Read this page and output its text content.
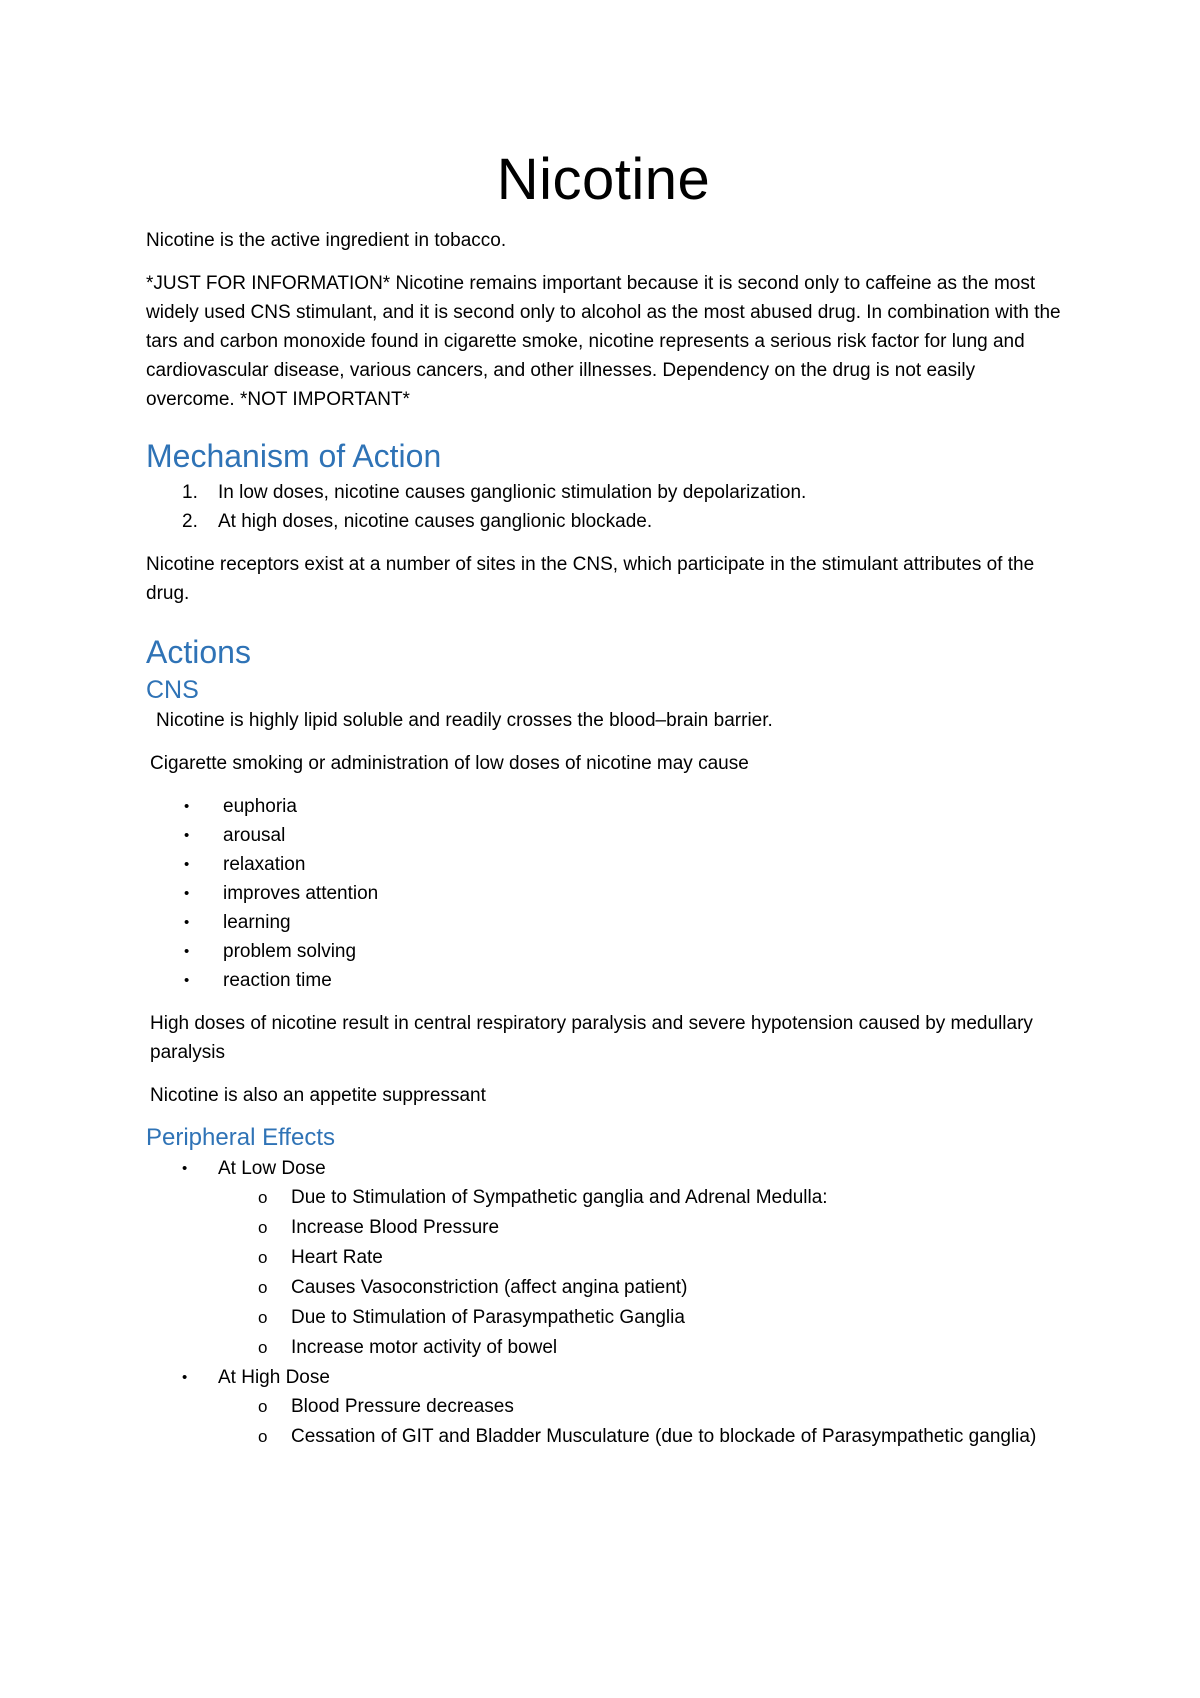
Nicotine

Nicotine is the active ingredient in tobacco.

*JUST FOR INFORMATION* Nicotine remains important because it is second only to caffeine as the most widely used CNS stimulant, and it is second only to alcohol as the most abused drug. In combination with the tars and carbon monoxide found in cigarette smoke, nicotine represents a serious risk factor for lung and cardiovascular disease, various cancers, and other illnesses. Dependency on the drug is not easily overcome. *NOT IMPORTANT*

Mechanism of Action
1. In low doses, nicotine causes ganglionic stimulation by depolarization.
2. At high doses, nicotine causes ganglionic blockade.

Nicotine receptors exist at a number of sites in the CNS, which participate in the stimulant attributes of the drug.

Actions
CNS

Nicotine is highly lipid soluble and readily crosses the blood–brain barrier.

Cigarette smoking or administration of low doses of nicotine may cause

• euphoria
• arousal
• relaxation
• improves attention
• learning
• problem solving
• reaction time

High doses of nicotine result in central respiratory paralysis and severe hypotension caused by medullary paralysis

Nicotine is also an appetite suppressant

Peripheral Effects
• At Low Dose
o Due to Stimulation of Sympathetic ganglia and Adrenal Medulla:
o Increase Blood Pressure
o Heart Rate
o Causes Vasoconstriction (affect angina patient)
o Due to Stimulation of Parasympathetic Ganglia
o Increase motor activity of bowel
• At High Dose
o Blood Pressure decreases
o Cessation of GIT and Bladder Musculature (due to blockade of Parasympathetic ganglia)
